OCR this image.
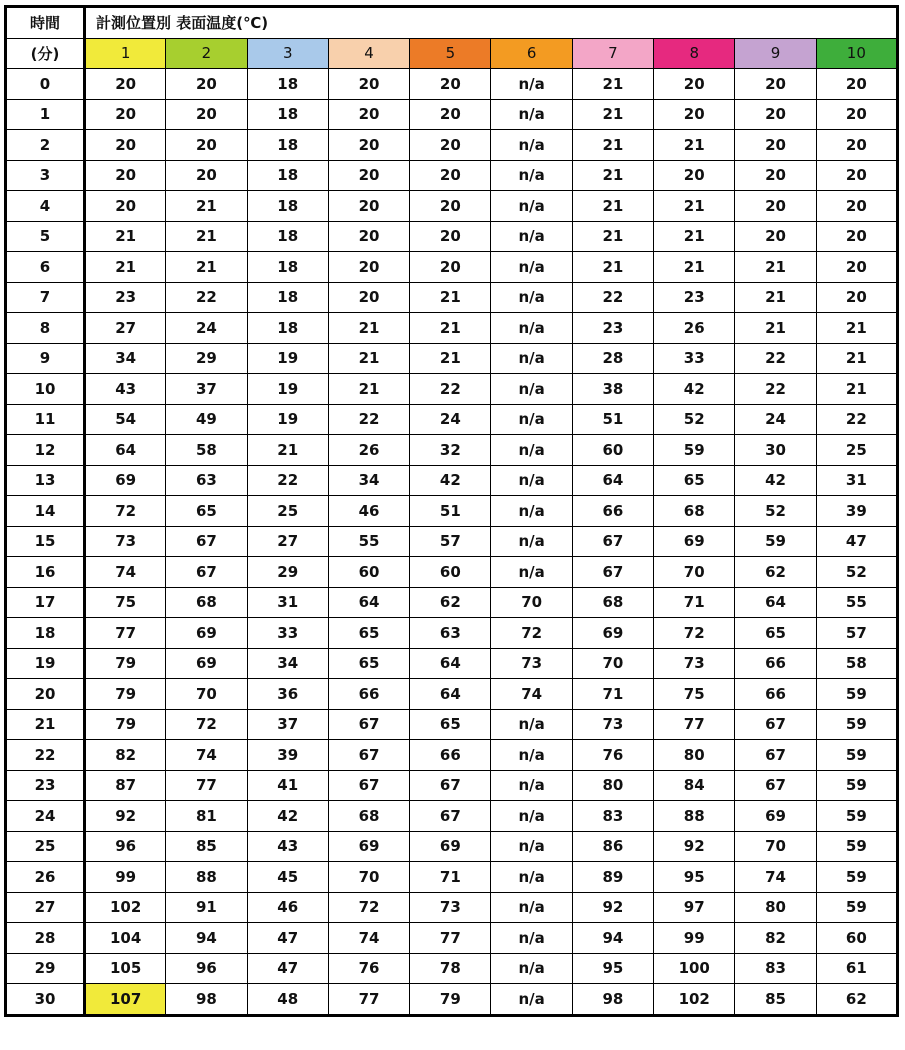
時間	計測位置別 表面温度(℃)									
(分)	1	2	3	4	5	6	7	8	9	10
0	20	20	18	20	20	n/a	21	20	20	20
1	20	20	18	20	20	n/a	21	20	20	20
2	20	20	18	20	20	n/a	21	21	20	20
3	20	20	18	20	20	n/a	21	20	20	20
4	20	21	18	20	20	n/a	21	21	20	20
5	21	21	18	20	20	n/a	21	21	20	20
6	21	21	18	20	20	n/a	21	21	21	20
7	23	22	18	20	21	n/a	22	23	21	20
8	27	24	18	21	21	n/a	23	26	21	21
9	34	29	19	21	21	n/a	28	33	22	21
10	43	37	19	21	22	n/a	38	42	22	21
11	54	49	19	22	24	n/a	51	52	24	22
12	64	58	21	26	32	n/a	60	59	30	25
13	69	63	22	34	42	n/a	64	65	42	31
14	72	65	25	46	51	n/a	66	68	52	39
15	73	67	27	55	57	n/a	67	69	59	47
16	74	67	29	60	60	n/a	67	70	62	52
17	75	68	31	64	62	70	68	71	64	55
18	77	69	33	65	63	72	69	72	65	57
19	79	69	34	65	64	73	70	73	66	58
20	79	70	36	66	64	74	71	75	66	59
21	79	72	37	67	65	n/a	73	77	67	59
22	82	74	39	67	66	n/a	76	80	67	59
23	87	77	41	67	67	n/a	80	84	67	59
24	92	81	42	68	67	n/a	83	88	69	59
25	96	85	43	69	69	n/a	86	92	70	59
26	99	88	45	70	71	n/a	89	95	74	59
27	102	91	46	72	73	n/a	92	97	80	59
28	104	94	47	74	77	n/a	94	99	82	60
29	105	96	47	76	78	n/a	95	100	83	61
30	107	98	48	77	79	n/a	98	102	85	62
